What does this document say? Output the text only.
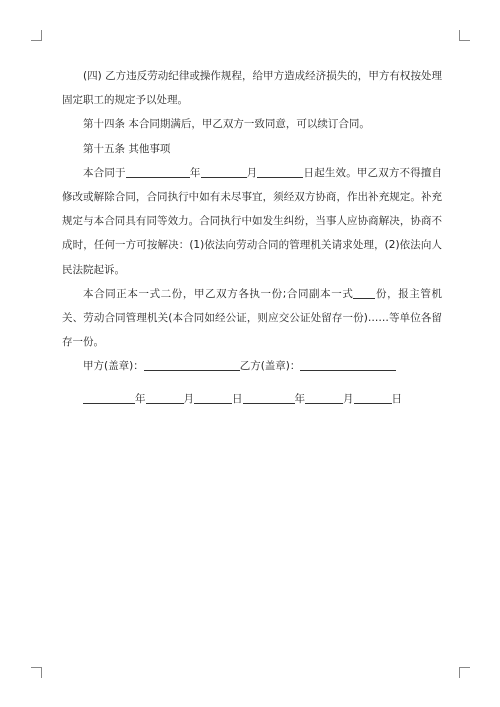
(四) 乙方违反劳动纪律或操作规程，给甲方造成经济损失的，甲方有权按处理固定职工的规定予以处理。

第十四条 本合同期满后，甲乙双方一致同意，可以续订合同。

第十五条 其他事项

本合同于	年	月	日起生效。甲乙双方不得擅自修改或解除合同，合同执行中如有未尽事宜，须经双方协商，作出补充规定。补充规定与本合同具有同等效力。合同执行中如发生纠纷，当事人应协商解决，协商不成时，任何一方可按解决：(1)依法向劳动合同的管理机关请求处理，(2)依法向人民法院起诉。

本合同正本一式二份，甲乙双方各执一份;合同副本一式 份，报主管机关、劳动合同管理机关(本合同如经公证，则应交公证处留存一份)……等单位各留存一份。

甲方(盖章)：	乙方(盖章)：

年	月	日	年	月	日
